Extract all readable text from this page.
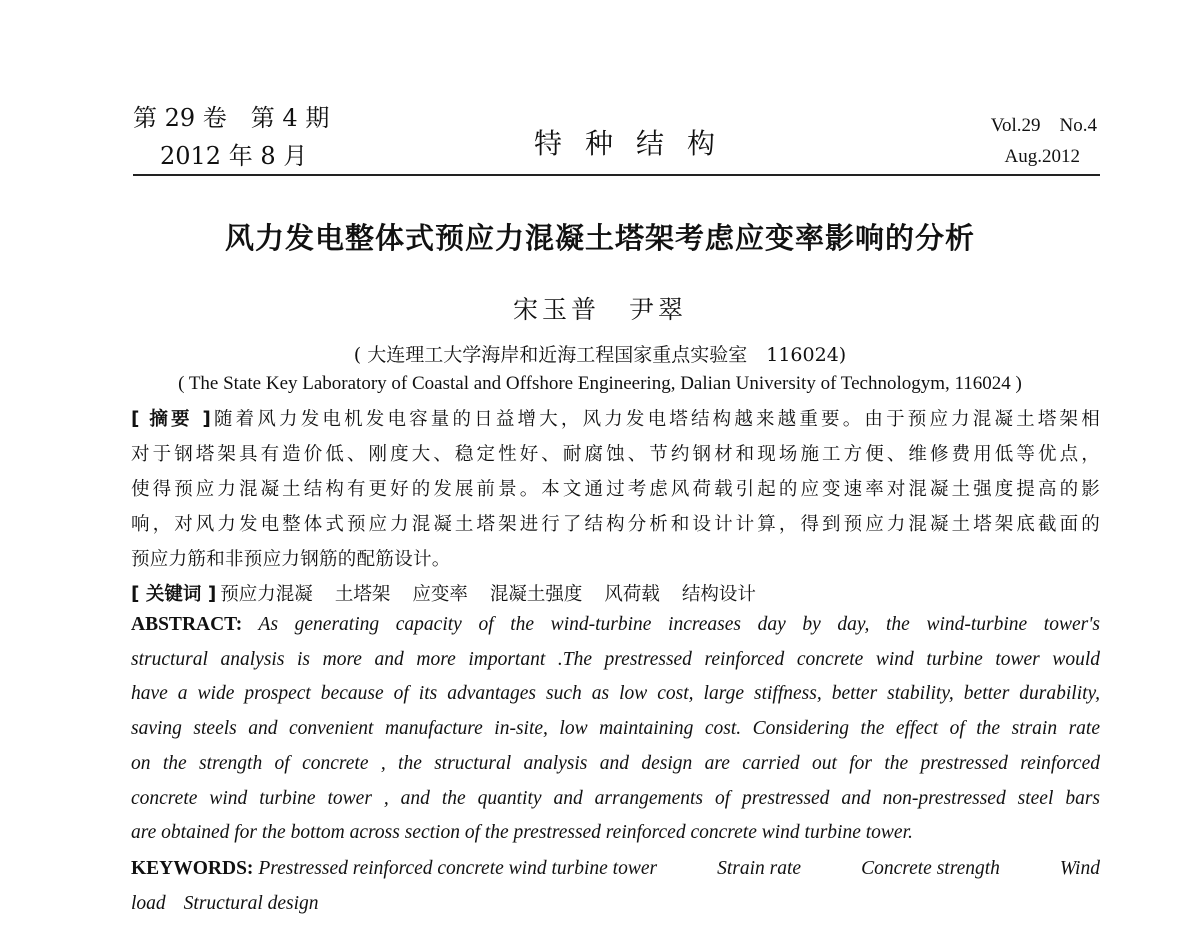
第 29 卷　第 4 期
2012 年 8 月	特种结构
Vol.29　No.4
Aug.2012
风力发电整体式预应力混凝土塔架考虑应变率影响的分析
宋玉普　尹翠
( 大连理工大学海岸和近海工程国家重点实验室　116024)
( The State Key Laboratory of Coastal and Offshore Engineering, Dalian University of Technologym, 116024 )
[ 摘要 ]随着风力发电机发电容量的日益增大，风力发电塔结构越来越重要。由于预应力混凝土塔架相
对于钢塔架具有造价低、刚度大、稳定性好、耐腐蚀、节约钢材和现场施工方便、维修费用低等优点，
使得预应力混凝土结构有更好的发展前景。本文通过考虑风荷载引起的应变速率对混凝土强度提高的影
响，对风力发电整体式预应力混凝土塔架进行了结构分析和设计计算，得到预应力混凝土塔架底截面的
预应力筋和非预应力钢筋的配筋设计。
[ 关键词 ] 预应力混凝 土塔架 应变率 混凝土强度 风荷载 结构设计
ABSTRACT: As generating capacity of the wind-turbine increases day by day, the wind-turbine tower's
structural analysis is more and more important .The prestressed reinforced concrete wind turbine tower would
have a wide prospect because of its advantages such as low cost, large stiffness, better stability, better durability,
saving steels and convenient manufacture in-site, low maintaining cost. Considering the effect of the strain rate
on the strength of concrete , the structural analysis and design are carried out for the prestressed reinforced
concrete wind turbine tower , and the quantity and arrangements of prestressed and non-prestressed steel bars
are obtained for the bottom across section of the prestressed reinforced concrete wind turbine tower.
KEYWORDS: Prestressed reinforced concrete wind turbine tower	Strain rate	Concrete strength	Wind
load Structural design
